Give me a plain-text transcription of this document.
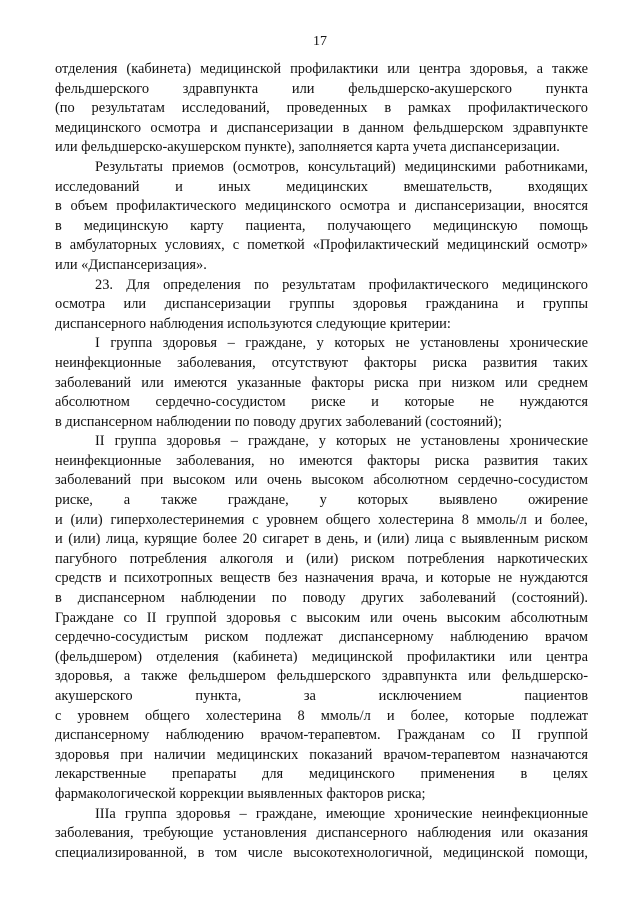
17
отделения (кабинета) медицинской профилактики или центра здоровья, а также
фельдшерского здравпункта или фельдшерско-акушерского пункта
(по результатам исследований, проведенных в рамках профилактического
медицинского осмотра и диспансеризации в данном фельдшерском здравпункте
или фельдшерско-акушерском пункте), заполняется карта учета диспансеризации.
Результаты приемов (осмотров, консультаций) медицинскими работниками,
исследований и иных медицинских вмешательств, входящих
в объем профилактического медицинского осмотра и диспансеризации, вносятся
в медицинскую карту пациента, получающего медицинскую помощь
в амбулаторных условиях, с пометкой «Профилактический медицинский осмотр»
или «Диспансеризация».
23. Для определения по результатам профилактического медицинского
осмотра или диспансеризации группы здоровья гражданина и группы
диспансерного наблюдения используются следующие критерии:
I группа здоровья – граждане, у которых не установлены хронические
неинфекционные заболевания, отсутствуют факторы риска развития таких
заболеваний или имеются указанные факторы риска при низком или среднем
абсолютном сердечно-сосудистом риске и которые не нуждаются
в диспансерном наблюдении по поводу других заболеваний (состояний);
II группа здоровья – граждане, у которых не установлены хронические
неинфекционные заболевания, но имеются факторы риска развития таких
заболеваний при высоком или очень высоком абсолютном сердечно-сосудистом
риске, а также граждане, у которых выявлено ожирение
и (или) гиперхолестеринемия с уровнем общего холестерина 8 ммоль/л и более,
и (или) лица, курящие более 20 сигарет в день, и (или) лица с выявленным риском
пагубного потребления алкоголя и (или) риском потребления наркотических
средств и психотропных веществ без назначения врача, и которые не нуждаются
в диспансерном наблюдении по поводу других заболеваний (состояний).
Граждане со II группой здоровья с высоким или очень высоким абсолютным
сердечно-сосудистым риском подлежат диспансерному наблюдению врачом
(фельдшером) отделения (кабинета) медицинской профилактики или центра
здоровья, а также фельдшером фельдшерского здравпункта или фельдшерско-
акушерского пункта, за исключением пациентов
с уровнем общего холестерина 8 ммоль/л и более, которые подлежат
диспансерному наблюдению врачом-терапевтом. Гражданам со II группой
здоровья при наличии медицинских показаний врачом-терапевтом назначаются
лекарственные препараты для медицинского применения в целях
фармакологической коррекции выявленных факторов риска;
IIIа группа здоровья – граждане, имеющие хронические неинфекционные
заболевания, требующие установления диспансерного наблюдения или оказания
специализированной, в том числе высокотехнологичной, медицинской помощи,
